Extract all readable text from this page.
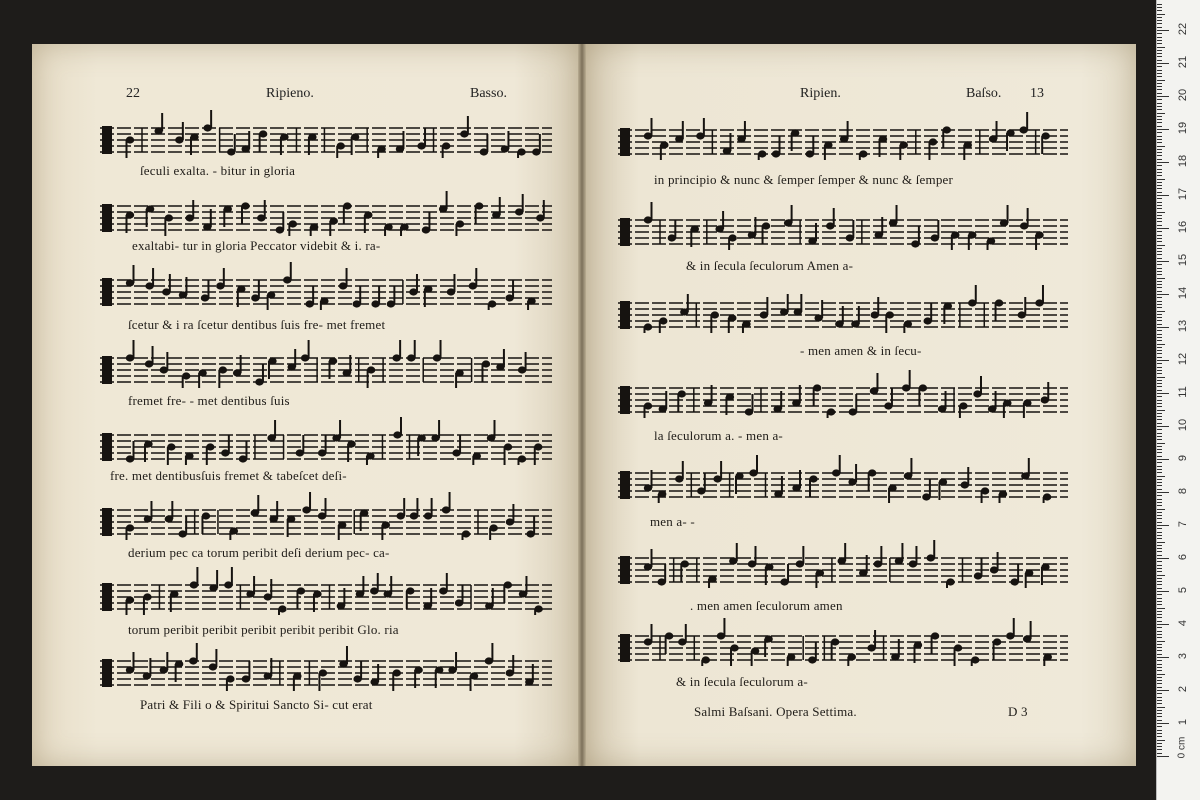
22	Ripieno.	Basso.	Ripien.	Baſso. 13
ſeculi exalta. - bitur in gloria
exaltabi- tur in gloria Peccator videbit & i. ra-
ſcetur & i ra ſcetur dentibus ſuis fre- met fremet
fremet fre- - met dentibus ſuis
fre. met dentibusſuis fremet & tabeſcet deſi-
derium pec ca torum peribit deſi derium pec- ca-
torum peribit peribit peribit peribit peribit Glo. ria
Patri & Fili o & Spiritui Sancto Si- cut erat
in principio & nunc & ſemper ſemper & nunc & ſemper
& in ſecula ſeculorum Amen a-
- men amen & in ſecu-
la ſeculorum a. - men a-
men a- -
. men amen ſeculorum amen
& in ſecula ſeculorum a-
Salmi Baſsani. Opera Settima.	D 3
0 cm
1
2
3
4
5
6
7
8
9
10
11
12
13
14
15
16
17
18
19
20
21
22
